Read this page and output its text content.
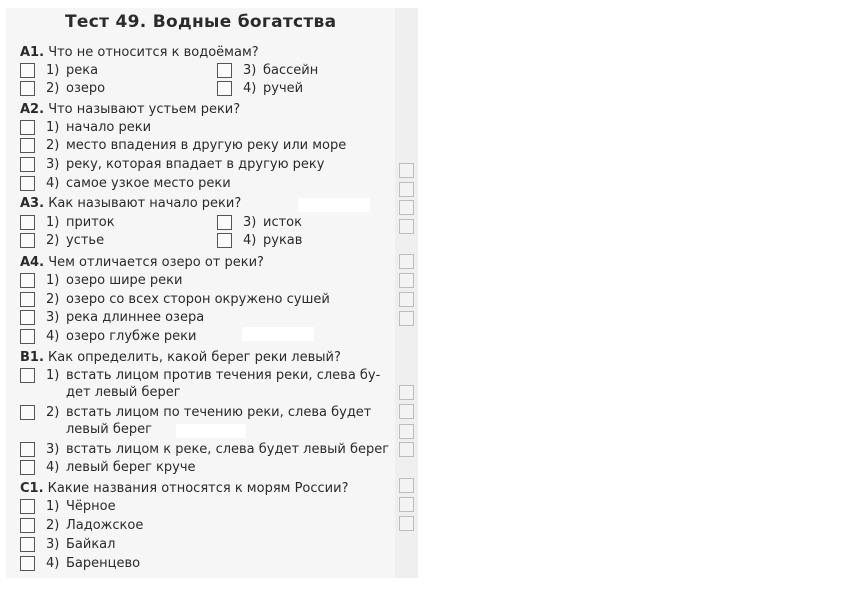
Тест 49. Водные богатства
А1. Что не относится к водоёмам?
1) река
2) озеро
3) бассейн
4) ручей
А2. Что называют устьем реки?
1) начало реки
2) место впадения в другую реку или море
3) реку, которая впадает в другую реку
4) самое узкое место реки
А3. Как называют начало реки?
1) приток
2) устье
3) исток
4) рукав
А4. Чем отличается озеро от реки?
1) озеро шире реки
2) озеро со всех сторон окружено сушей
3) река длиннее озера
4) озеро глубже реки
В1. Как определить, какой берег реки левый?
1) встать лицом против течения реки, слева бу-
дет левый берег
2) встать лицом по течению реки, слева будет
левый берег
3) встать лицом к реке, слева будет левый берег
4) левый берег круче
С1. Какие названия относятся к морям России?
1) Чёрное
2) Ладожское
3) Байкал
4) Баренцево
